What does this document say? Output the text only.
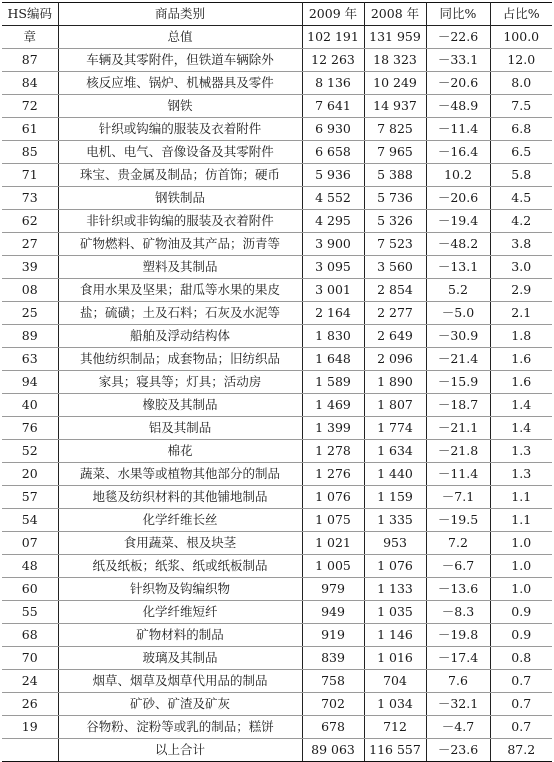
HS编码	商品类别	2009 年	2008 年	同比%	占比%
章	总值	102 191	131 959	－22.6	100.0
87	车辆及其零附件，但铁道车辆除外	12 263	18 323	－33.1	12.0
84	核反应堆、锅炉、机械器具及零件	8 136	10 249	－20.6	8.0
72	钢铁	7 641	14 937	－48.9	7.5
61	针织或钩编的服装及衣着附件	6 930	7 825	－11.4	6.8
85	电机、电气、音像设备及其零附件	6 658	7 965	－16.4	6.5
71	珠宝、贵金属及制品；仿首饰；硬币	5 936	5 388	10.2	5.8
73	钢铁制品	4 552	5 736	－20.6	4.5
62	非针织或非钩编的服装及衣着附件	4 295	5 326	－19.4	4.2
27	矿物燃料、矿物油及其产品；沥青等	3 900	7 523	－48.2	3.8
39	塑料及其制品	3 095	3 560	－13.1	3.0
08	食用水果及坚果；甜瓜等水果的果皮	3 001	2 854	5.2	2.9
25	盐；硫磺；土及石料；石灰及水泥等	2 164	2 277	－5.0	2.1
89	船舶及浮动结构体	1 830	2 649	－30.9	1.8
63	其他纺织制品；成套物品；旧纺织品	1 648	2 096	－21.4	1.6
94	家具；寝具等；灯具；活动房	1 589	1 890	－15.9	1.6
40	橡胶及其制品	1 469	1 807	－18.7	1.4
76	铝及其制品	1 399	1 774	－21.1	1.4
52	棉花	1 278	1 634	－21.8	1.3
20	蔬菜、水果等或植物其他部分的制品	1 276	1 440	－11.4	1.3
57	地毯及纺织材料的其他铺地制品	1 076	1 159	－7.1	1.1
54	化学纤维长丝	1 075	1 335	－19.5	1.1
07	食用蔬菜、根及块茎	1 021	953	7.2	1.0
48	纸及纸板；纸浆、纸或纸板制品	1 005	1 076	－6.7	1.0
60	针织物及钩编织物	979	1 133	－13.6	1.0
55	化学纤维短纤	949	1 035	－8.3	0.9
68	矿物材料的制品	919	1 146	－19.8	0.9
70	玻璃及其制品	839	1 016	－17.4	0.8
24	烟草、烟草及烟草代用品的制品	758	704	7.6	0.7
26	矿砂、矿渣及矿灰	702	1 034	－32.1	0.7
19	谷物粉、淀粉等或乳的制品；糕饼	678	712	－4.7	0.7
	以上合计	89 063	116 557	－23.6	87.2
